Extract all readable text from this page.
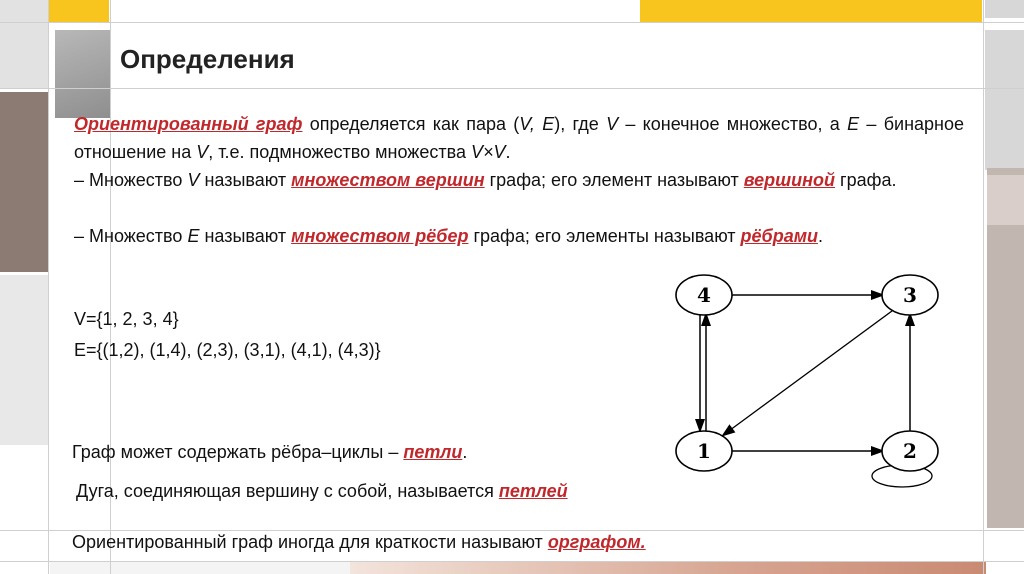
Определения
Ориентированный граф определяется как пара (V, E), где V – конечное множество, а E – бинарное отношение на V, т.е. подмножество множества V×V.
– Множество V называют множеством вершин графа; его элемент называют вершиной графа.
– Множество E называют множеством рёбер графа; его элементы называют рёбрами.
V={1, 2, 3, 4}
E={(1,2), (1,4), (2,3), (3,1), (4,1), (4,3)}
Граф может содержать рёбра–циклы – петли.
Дуга, соединяющая вершину с собой, называется петлей
Ориентированный граф иногда для краткости называют орграфом.
4	3
1	2
